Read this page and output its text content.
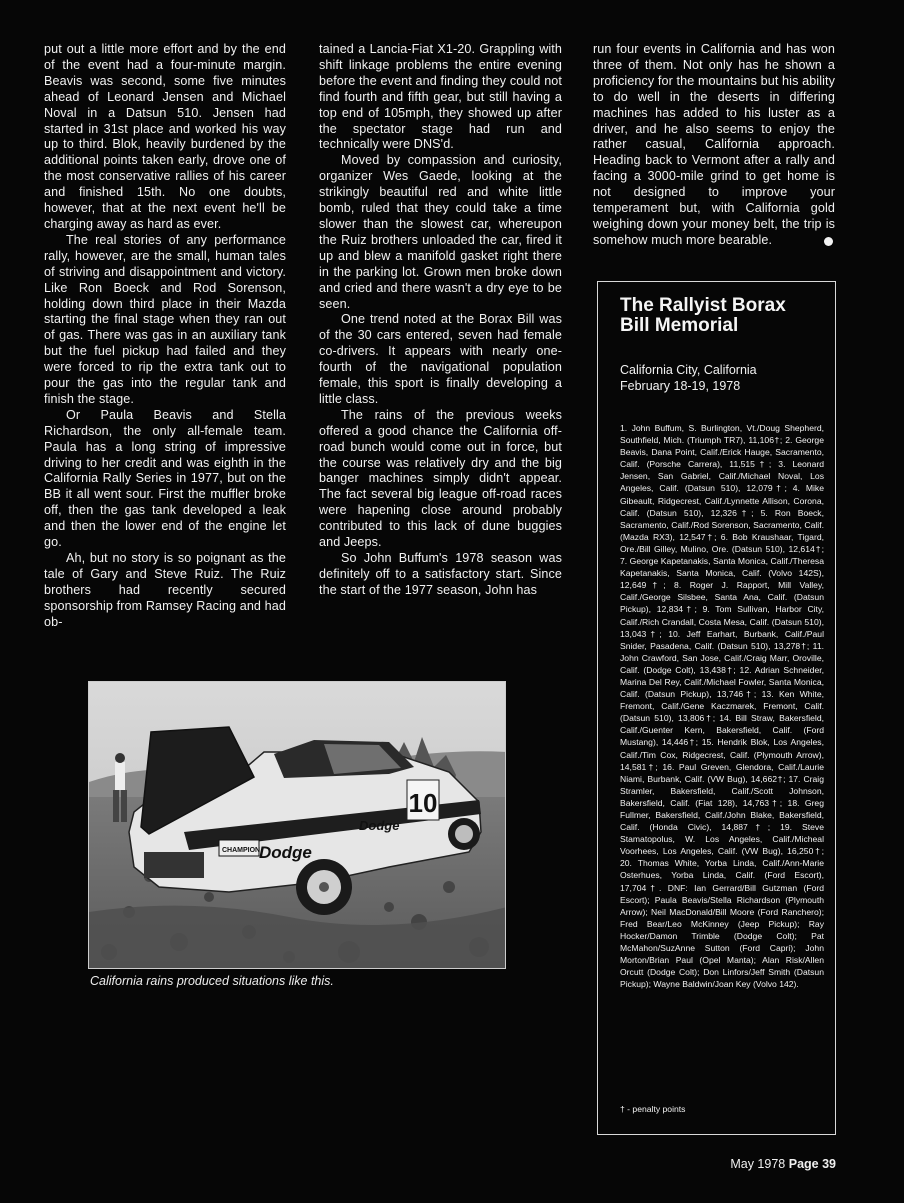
put out a little more effort and by the end of the event had a four-minute margin. Beavis was second, some five minutes ahead of Leonard Jensen and Michael Noval in a Datsun 510. Jensen had started in 31st place and worked his way up to third. Blok, heavily burdened by the additional points taken early, drove one of the most conservative rallies of his career and finished 15th. No one doubts, however, that at the next event he'll be charging away as hard as ever.

The real stories of any performance rally, however, are the small, human tales of striving and disappointment and victory. Like Ron Boeck and Rod Sorenson, holding down third place in their Mazda starting the final stage when they ran out of gas. There was gas in an auxiliary tank but the fuel pickup had failed and they were forced to rip the extra tank out to pour the gas into the regular tank and finish the stage.

Or Paula Beavis and Stella Richardson, the only all-female team. Paula has a long string of impressive driving to her credit and was eighth in the California Rally Series in 1977, but on the BB it all went sour. First the muffler broke off, then the gas tank developed a leak and then the lower end of the engine let go.

Ah, but no story is so poignant as the tale of Gary and Steve Ruiz. The Ruiz brothers had recently secured sponsorship from Ramsey Racing and had ob-

tained a Lancia-Fiat X1-20. Grappling with shift linkage problems the entire evening before the event and finding they could not find fourth and fifth gear, but still having a top end of 105mph, they showed up after the spectator stage had run and technically were DNS'd.

Moved by compassion and curiosity, organizer Wes Gaede, looking at the strikingly beautiful red and white little bomb, ruled that they could take a time slower than the slowest car, whereupon the Ruiz brothers unloaded the car, fired it up and blew a manifold gasket right there in the parking lot. Grown men broke down and cried and there wasn't a dry eye to be seen.

One trend noted at the Borax Bill was of the 30 cars entered, seven had female co-drivers. It appears with nearly one-fourth of the navigational population female, this sport is finally developing a little class.

The rains of the previous weeks offered a good chance the California off-road bunch would come out in force, but the course was relatively dry and the big banger machines simply didn't appear. The fact several big league off-road races were hapening close around probably contributed to this lack of dune buggies and Jeeps.

So John Buffum's 1978 season was definitely off to a satisfactory start. Since the start of the 1977 season, John has

run four events in California and has won three of them. Not only has he shown a proficiency for the mountains but his ability to do well in the deserts in differing machines has added to his luster as a driver, and he also seems to enjoy the rather casual, California approach. Heading back to Vermont after a rally and facing a 3000-mile grind to get home is not designed to improve your temperament but, with California gold weighing down your money belt, the trip is somehow much more bearable.

The Rallyist Borax Bill Memorial
California City, California
February 18-19, 1978
1. John Buffum, S. Burlington, Vt./Doug Shepherd, Southfield, Mich. (Triumph TR7), 11,106†; 2. George Beavis, Dana Point, Calif./Erick Hauge, Sacramento, Calif. (Porsche Carrera), 11,515†; 3. Leonard Jensen, San Gabriel, Calif./Michael Noval, Los Angeles, Calif. (Datsun 510), 12,079†; 4. Mike Gibeault, Ridgecrest, Calif./Lynnette Allison, Corona, Calif. (Datsun 510), 12,326†; 5. Ron Boeck, Sacramento, Calif./Rod Sorenson, Sacramento, Calif. (Mazda RX3), 12,547†; 6. Bob Kraushaar, Tigard, Ore./Bill Gilley, Mulino, Ore. (Datsun 510), 12,614†; 7. George Kapetanakis, Santa Monica, Calif./Theresa Kapetanakis, Santa Monica, Calif. (Volvo 142S), 12,649†; 8. Roger J. Rapport, Mill Valley, Calif./George Silsbee, Santa Ana, Calif. (Datsun Pickup), 12,834†; 9. Tom Sullivan, Harbor City, Calif./Rich Crandall, Costa Mesa, Calif. (Datsun 510), 13,043†; 10. Jeff Earhart, Burbank, Calif./Paul Snider, Pasadena, Calif. (Datsun 510), 13,278†; 11. John Crawford, San Jose, Calif./Craig Marr, Oroville, Calif. (Dodge Colt), 13,438†; 12. Adrian Schneider, Marina Del Rey, Calif./Michael Fowler, Santa Monica, Calif. (Datsun Pickup), 13,746†; 13. Ken White, Fremont, Calif./Gene Kaczmarek, Fremont, Calif. (Datsun 510), 13,806†; 14. Bill Straw, Bakersfield, Calif./Guenter Kern, Bakersfield, Calif. (Ford Mustang), 14,446†; 15. Hendrik Blok, Los Angeles, Calif./Tim Cox, Ridgecrest, Calif. (Plymouth Arrow), 14,581†; 16. Paul Greven, Glendora, Calif./Laurie Niami, Burbank, Calif. (VW Bug), 14,662†; 17. Craig Stramler, Bakersfield, Calif./Scott Johnson, Bakersfield, Calif. (Fiat 128), 14,763†; 18. Greg Fullmer, Bakersfield, Calif./John Blake, Bakersfield, Calif. (Honda Civic), 14,887†; 19. Steve Stamatopolus, W. Los Angeles, Calif./Micheal Voorhees, Los Angeles, Calif. (VW Bug), 16,250†; 20. Thomas White, Yorba Linda, Calif./Ann-Marie Osterhues, Yorba Linda, Calif. (Ford Escort), 17,704†. DNF: Ian Gerrard/Bill Gutzman (Ford Escort); Paula Beavis/Stella Richardson (Plymouth Arrow); Neil MacDonald/Bill Moore (Ford Ranchero); Fred Bear/Leo McKinney (Jeep Pickup); Ray Hocker/Damon Trimble (Dodge Colt); Pat McMahon/SuzAnne Sutton (Ford Capri); John Morton/Brian Paul (Opel Manta); Alan Risk/Allen Orcutt (Dodge Colt); Don Linfors/Jeff Smith (Datsun Pickup); Wayne Baldwin/Joan Key (Volvo 142).
† - penalty points
10
Dodge
CHAMPION
Dodge
California rains produced situations like this.
May 1978 Page 39
